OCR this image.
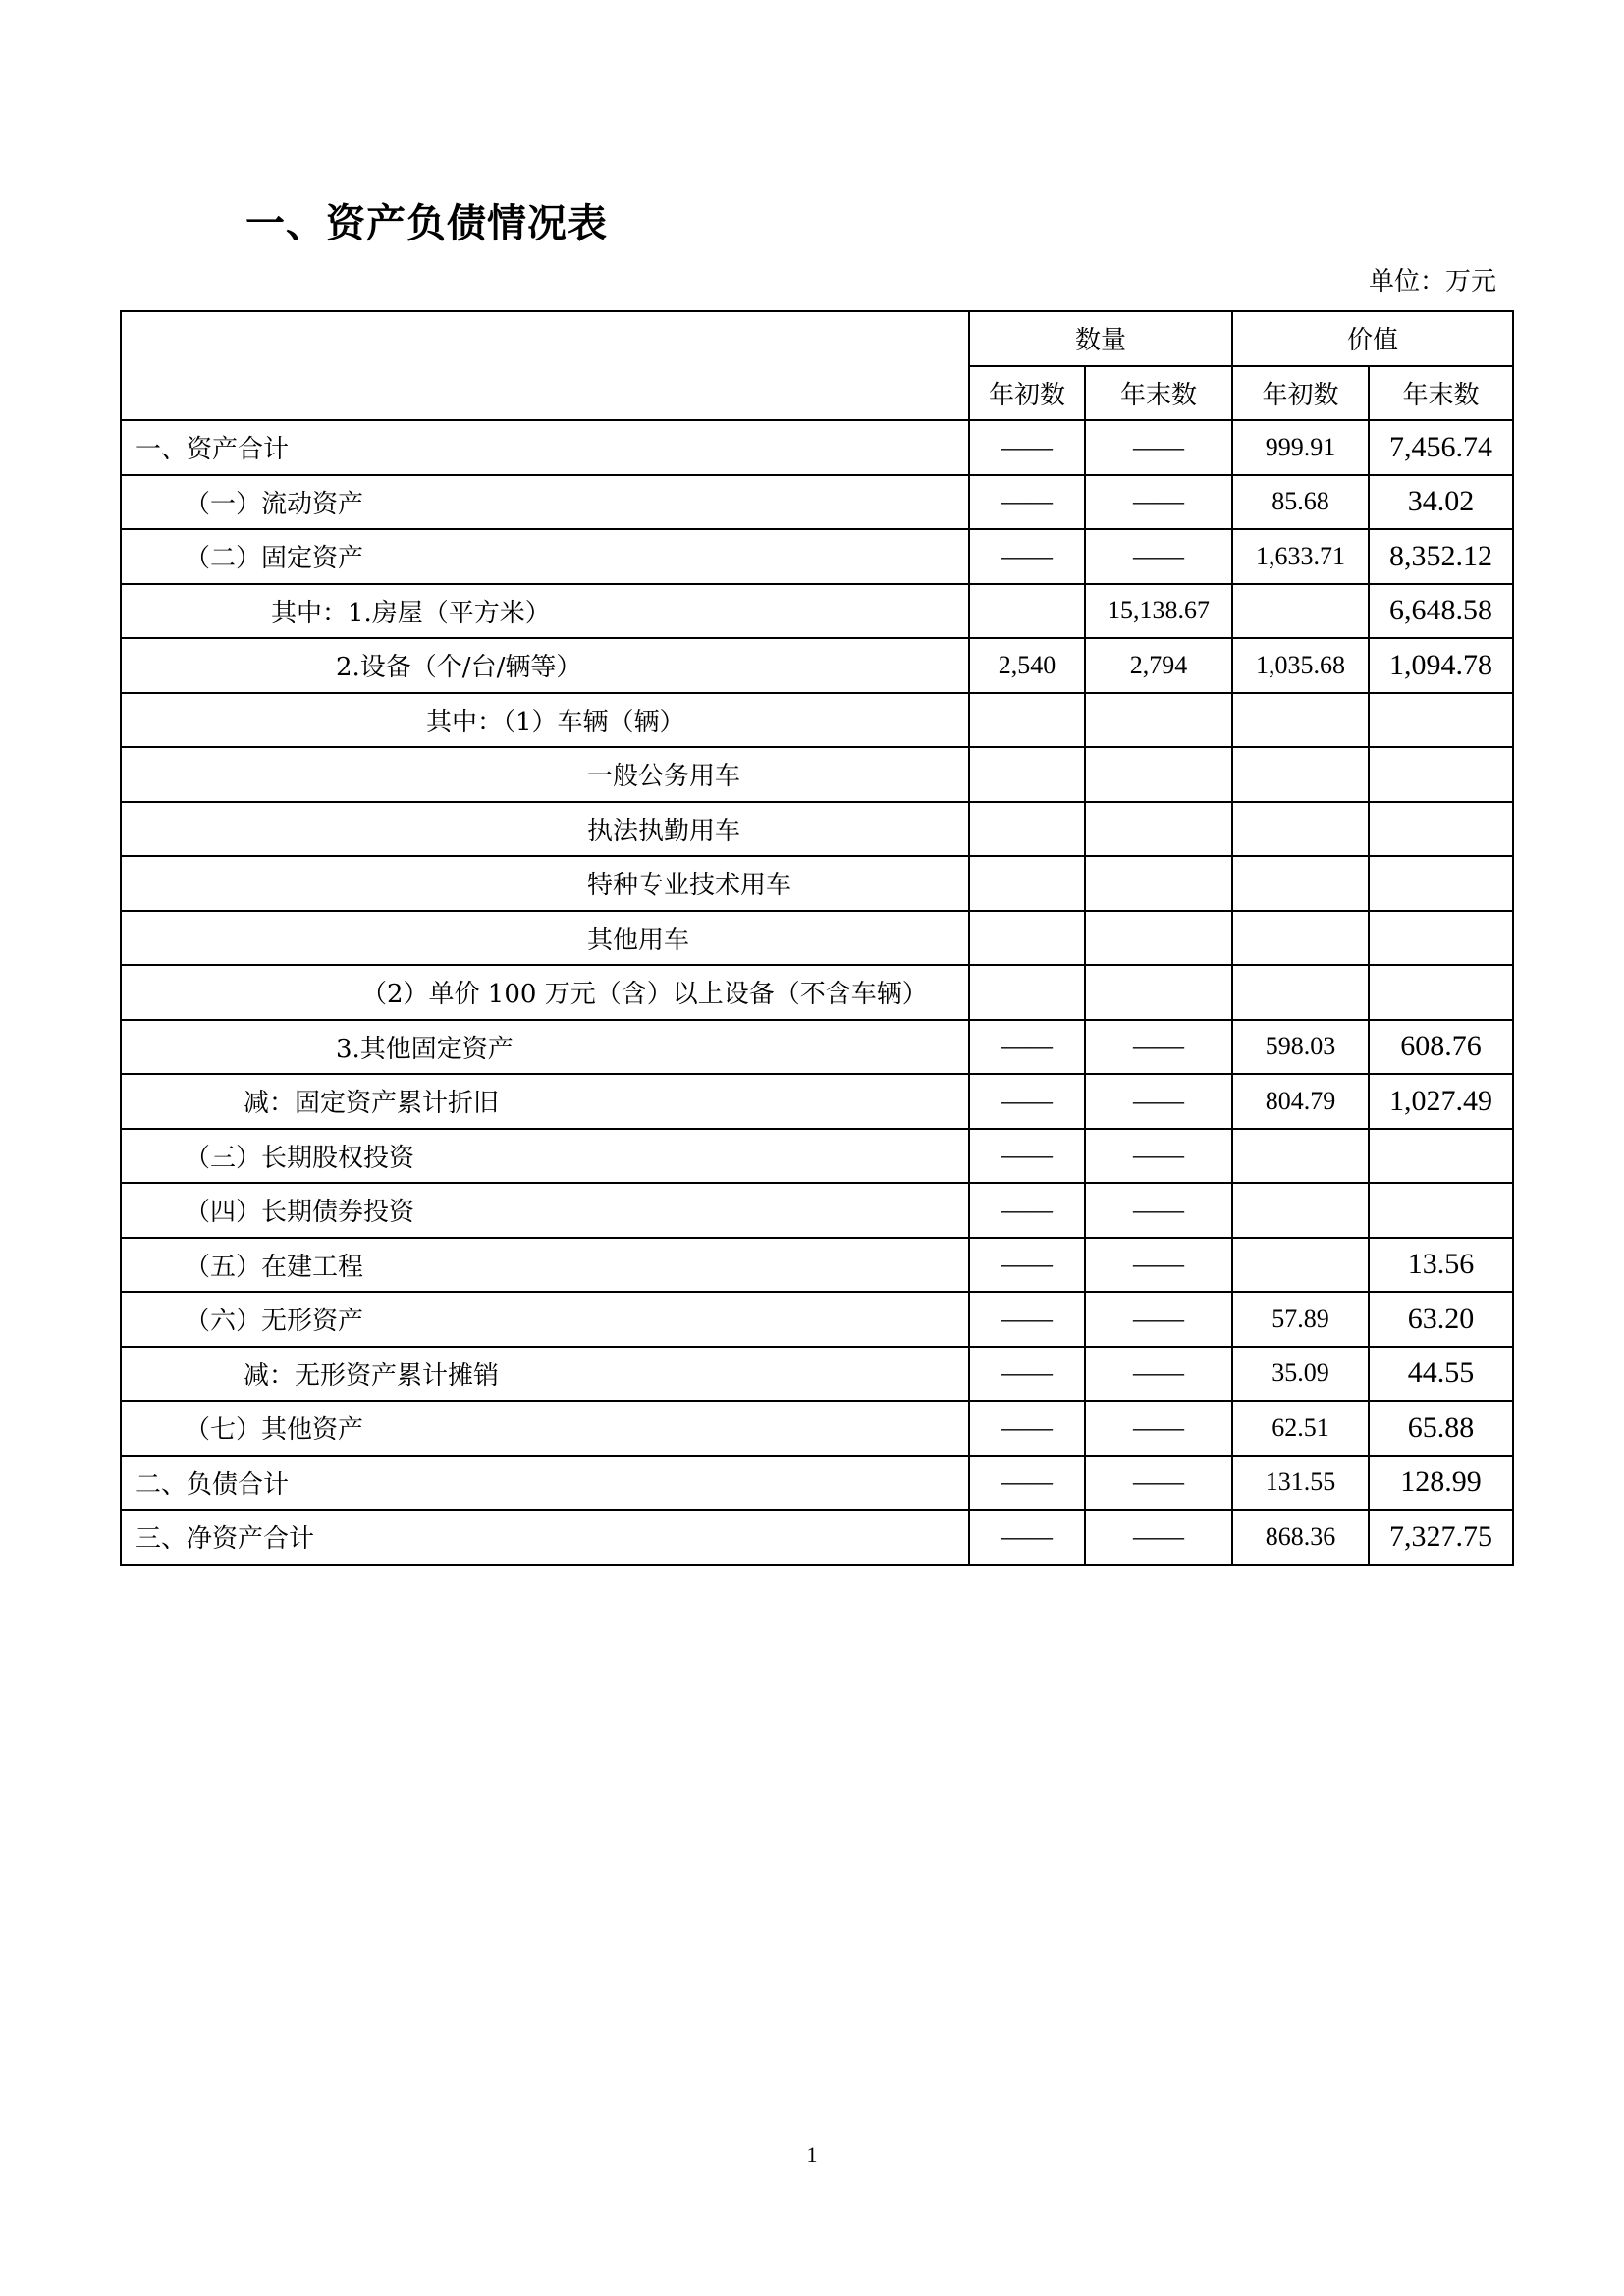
一、资产负债情况表
单位：万元
	数量		价值	
	年初数	年末数	年初数	年末数
一、资产合计	——	——	999.91	7,456.74
（一）流动资产	——	——	85.68	34.02
（二）固定资产	——	——	1,633.71	8,352.12
其中：1.房屋（平方米）		15,138.67		6,648.58
2.设备（个/台/辆等）	2,540	2,794	1,035.68	1,094.78
其中：（1）车辆（辆）				
一般公务用车				
执法执勤用车				
特种专业技术用车				
其他用车				
（2）单价 100 万元（含）以上设备（不含车辆）				
3.其他固定资产	——	——	598.03	608.76
减：固定资产累计折旧	——	——	804.79	1,027.49
（三）长期股权投资	——	——		
（四）长期债券投资	——	——		
（五）在建工程	——	——		13.56
（六）无形资产	——	——	57.89	63.20
减：无形资产累计摊销	——	——	35.09	44.55
（七）其他资产	——	——	62.51	65.88
二、负债合计	——	——	131.55	128.99
三、净资产合计	——	——	868.36	7,327.75
1
